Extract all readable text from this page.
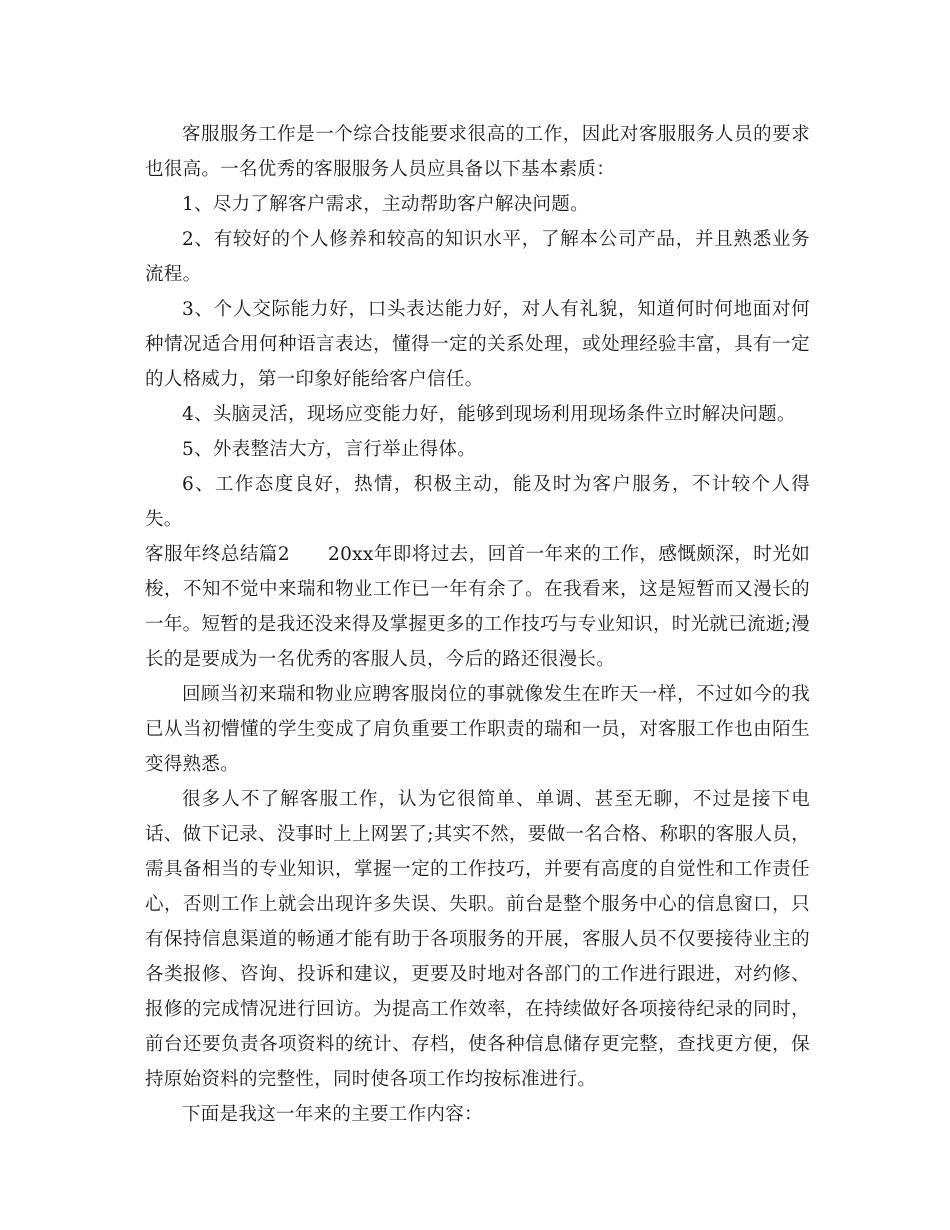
客服服务工作是一个综合技能要求很高的工作，因此对客服服务人员的要求也很高。一名优秀的客服服务人员应具备以下基本素质：

1、尽力了解客户需求，主动帮助客户解决问题。

2、有较好的个人修养和较高的知识水平，了解本公司产品，并且熟悉业务流程。

3、个人交际能力好，口头表达能力好，对人有礼貌，知道何时何地面对何种情况适合用何种语言表达，懂得一定的关系处理，或处理经验丰富，具有一定的人格威力，第一印象好能给客户信任。

4、头脑灵活，现场应变能力好，能够到现场利用现场条件立时解决问题。

5、外表整洁大方，言行举止得体。

6、工作态度良好，热情，积极主动，能及时为客户服务，不计较个人得失。

客服年终总结篇2　　20xx年即将过去，回首一年来的工作，感慨颇深，时光如梭，不知不觉中来瑞和物业工作已一年有余了。在我看来，这是短暂而又漫长的一年。短暂的是我还没来得及掌握更多的工作技巧与专业知识，时光就已流逝;漫长的是要成为一名优秀的客服人员，今后的路还很漫长。

回顾当初来瑞和物业应聘客服岗位的事就像发生在昨天一样，不过如今的我已从当初懵懂的学生变成了肩负重要工作职责的瑞和一员，对客服工作也由陌生变得熟悉。

很多人不了解客服工作，认为它很简单、单调、甚至无聊，不过是接下电话、做下记录、没事时上上网罢了;其实不然，要做一名合格、称职的客服人员，需具备相当的专业知识，掌握一定的工作技巧，并要有高度的自觉性和工作责任心，否则工作上就会出现许多失误、失职。前台是整个服务中心的信息窗口，只有保持信息渠道的畅通才能有助于各项服务的开展，客服人员不仅要接待业主的各类报修、咨询、投诉和建议，更要及时地对各部门的工作进行跟进，对约修、报修的完成情况进行回访。为提高工作效率，在持续做好各项接待纪录的同时，前台还要负责各项资料的统计、存档，使各种信息储存更完整，查找更方便，保持原始资料的完整性，同时使各项工作均按标准进行。

下面是我这一年来的主要工作内容：
